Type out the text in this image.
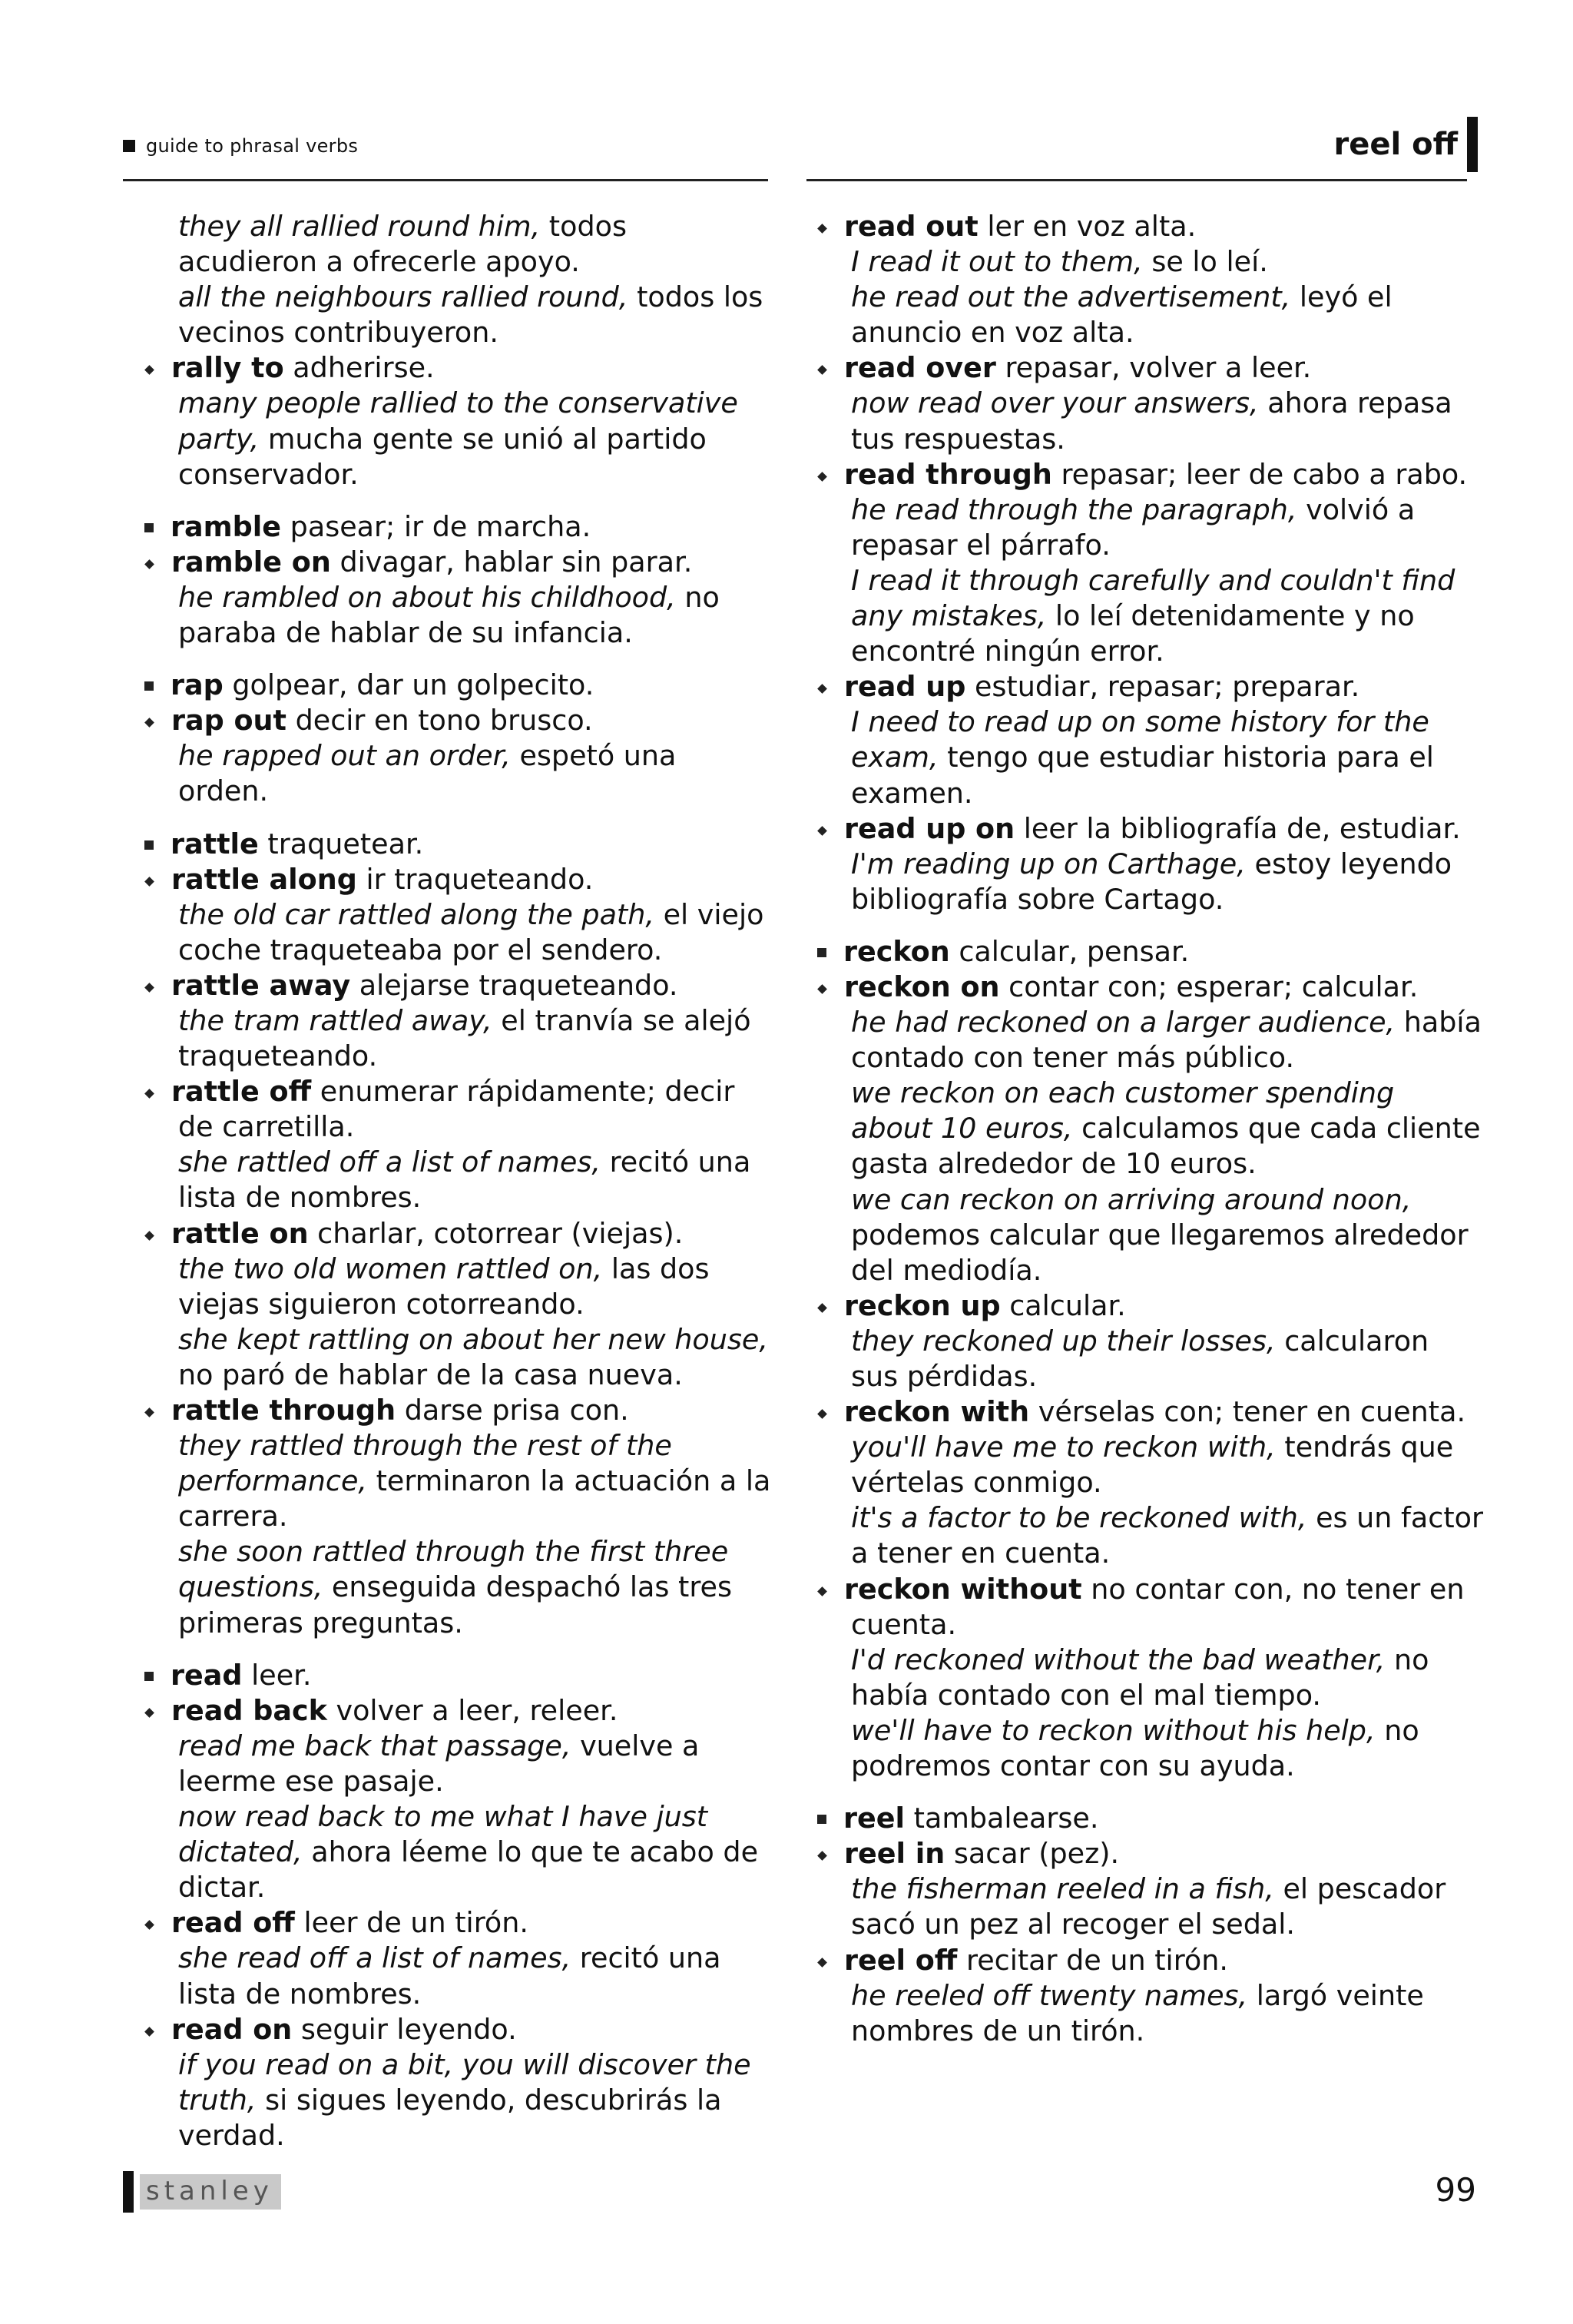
guide to phrasal verbs	reel off
they all rallied round him, todos acudieron a ofrecerle apoyo.
all the neighbours rallied round, todos los vecinos contribuyeron.
rally to adherirse.
many people rallied to the conservative party, mucha gente se unió al partido conservador.
ramble pasear; ir de marcha.
ramble on divagar, hablar sin parar.
he rambled on about his childhood, no paraba de hablar de su infancia.
rap golpear, dar un golpecito.
rap out decir en tono brusco.
he rapped out an order, espetó una orden.
rattle traquetear.
rattle along ir traqueteando.
the old car rattled along the path, el viejo coche traqueteaba por el sendero.
rattle away alejarse traqueteando.
the tram rattled away, el tranvía se alejó traqueteando.
rattle off enumerar rápidamente; decir de carretilla.
she rattled off a list of names, recitó una lista de nombres.
rattle on charlar, cotorrear (viejas).
the two old women rattled on, las dos viejas siguieron cotorreando.
she kept rattling on about her new house, no paró de hablar de la casa nueva.
rattle through darse prisa con.
they rattled through the rest of the performance, terminaron la actuación a la carrera.
she soon rattled through the first three questions, enseguida despachó las tres primeras preguntas.
read leer.
read back volver a leer, releer.
read me back that passage, vuelve a leerme ese pasaje.
now read back to me what I have just dictated, ahora léeme lo que te acabo de dictar.
read off leer de un tirón.
she read off a list of names, recitó una lista de nombres.
read on seguir leyendo.
if you read on a bit, you will discover the truth, si sigues leyendo, descubrirás la verdad.
read out ler en voz alta.
I read it out to them, se lo leí.
he read out the advertisement, leyó el anuncio en voz alta.
read over repasar, volver a leer.
now read over your answers, ahora repasa tus respuestas.
read through repasar; leer de cabo a rabo.
he read through the paragraph, volvió a repasar el párrafo.
I read it through carefully and couldn't find any mistakes, lo leí detenidamente y no encontré ningún error.
read up estudiar, repasar; preparar.
I need to read up on some history for the exam, tengo que estudiar historia para el examen.
read up on leer la bibliografía de, estudiar.
I'm reading up on Carthage, estoy leyendo bibliografía sobre Cartago.
reckon calcular, pensar.
reckon on contar con; esperar; calcular.
he had reckoned on a larger audience, había contado con tener más público.
we reckon on each customer spending about 10 euros, calculamos que cada cliente gasta alrededor de 10 euros.
we can reckon on arriving around noon, podemos calcular que llegaremos alrededor del mediodía.
reckon up calcular.
they reckoned up their losses, calcularon sus pérdidas.
reckon with vérselas con; tener en cuenta.
you'll have me to reckon with, tendrás que vértelas conmigo.
it's a factor to be reckoned with, es un factor a tener en cuenta.
reckon without no contar con, no tener en cuenta.
I'd reckoned without the bad weather, no había contado con el mal tiempo.
we'll have to reckon without his help, no podremos contar con su ayuda.
reel tambalearse.
reel in sacar (pez).
the fisherman reeled in a fish, el pescador sacó un pez al recoger el sedal.
reel off recitar de un tirón.
he reeled off twenty names, largó veinte nombres de un tirón.
stanley	99
